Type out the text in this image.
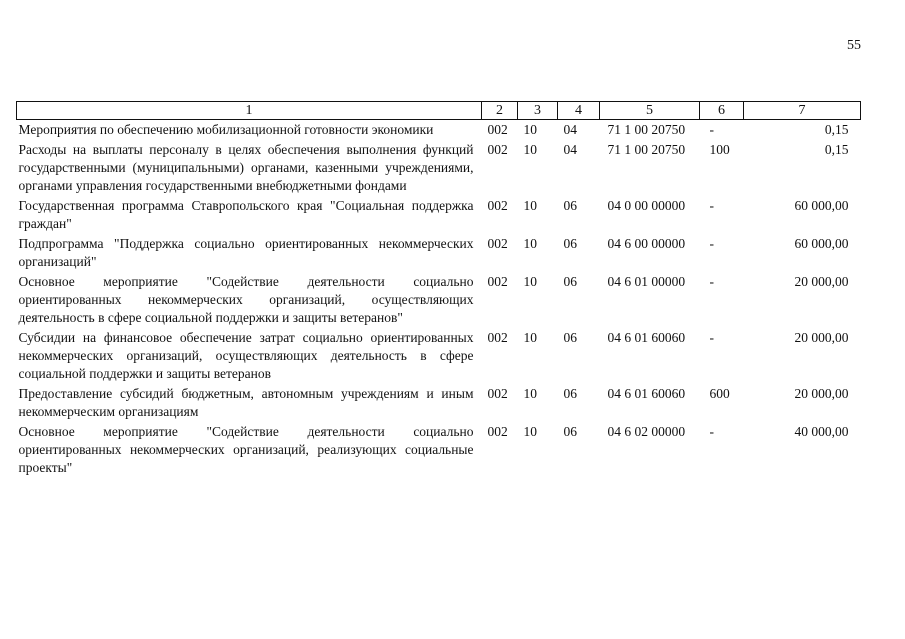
55
1	2	3	4	5	6	7
Мероприятия по обеспечению мобилизационной готовности экономики	002	10	04	71 1 00 20750	-	0,15
Расходы на выплаты персоналу в целях обеспечения выполнения функций государственными (муниципальными) органами, казенными учреждениями, органами управления государственными внебюджетными фондами	002	10	04	71 1 00 20750	100	0,15
Государственная программа Ставропольского края "Социальная поддержка граждан"	002	10	06	04 0 00 00000	-	60 000,00
Подпрограмма "Поддержка социально ориентированных некоммерческих организаций"	002	10	06	04 6 00 00000	-	60 000,00
Основное мероприятие "Содействие деятельности социально ориентированных некоммерческих организаций, осуществляющих деятельность в сфере социальной поддержки и защиты ветеранов"	002	10	06	04 6 01 00000	-	20 000,00
Субсидии на финансовое обеспечение затрат социально ориентированных некоммерческих организаций, осуществляющих деятельность в сфере социальной поддержки и защиты ветеранов	002	10	06	04 6 01 60060	-	20 000,00
Предоставление субсидий бюджетным, автономным учреждениям и иным некоммерческим организациям	002	10	06	04 6 01 60060	600	20 000,00
Основное мероприятие "Содействие деятельности социально ориентированных некоммерческих организаций, реализующих социальные проекты"	002	10	06	04 6 02 00000	-	40 000,00
